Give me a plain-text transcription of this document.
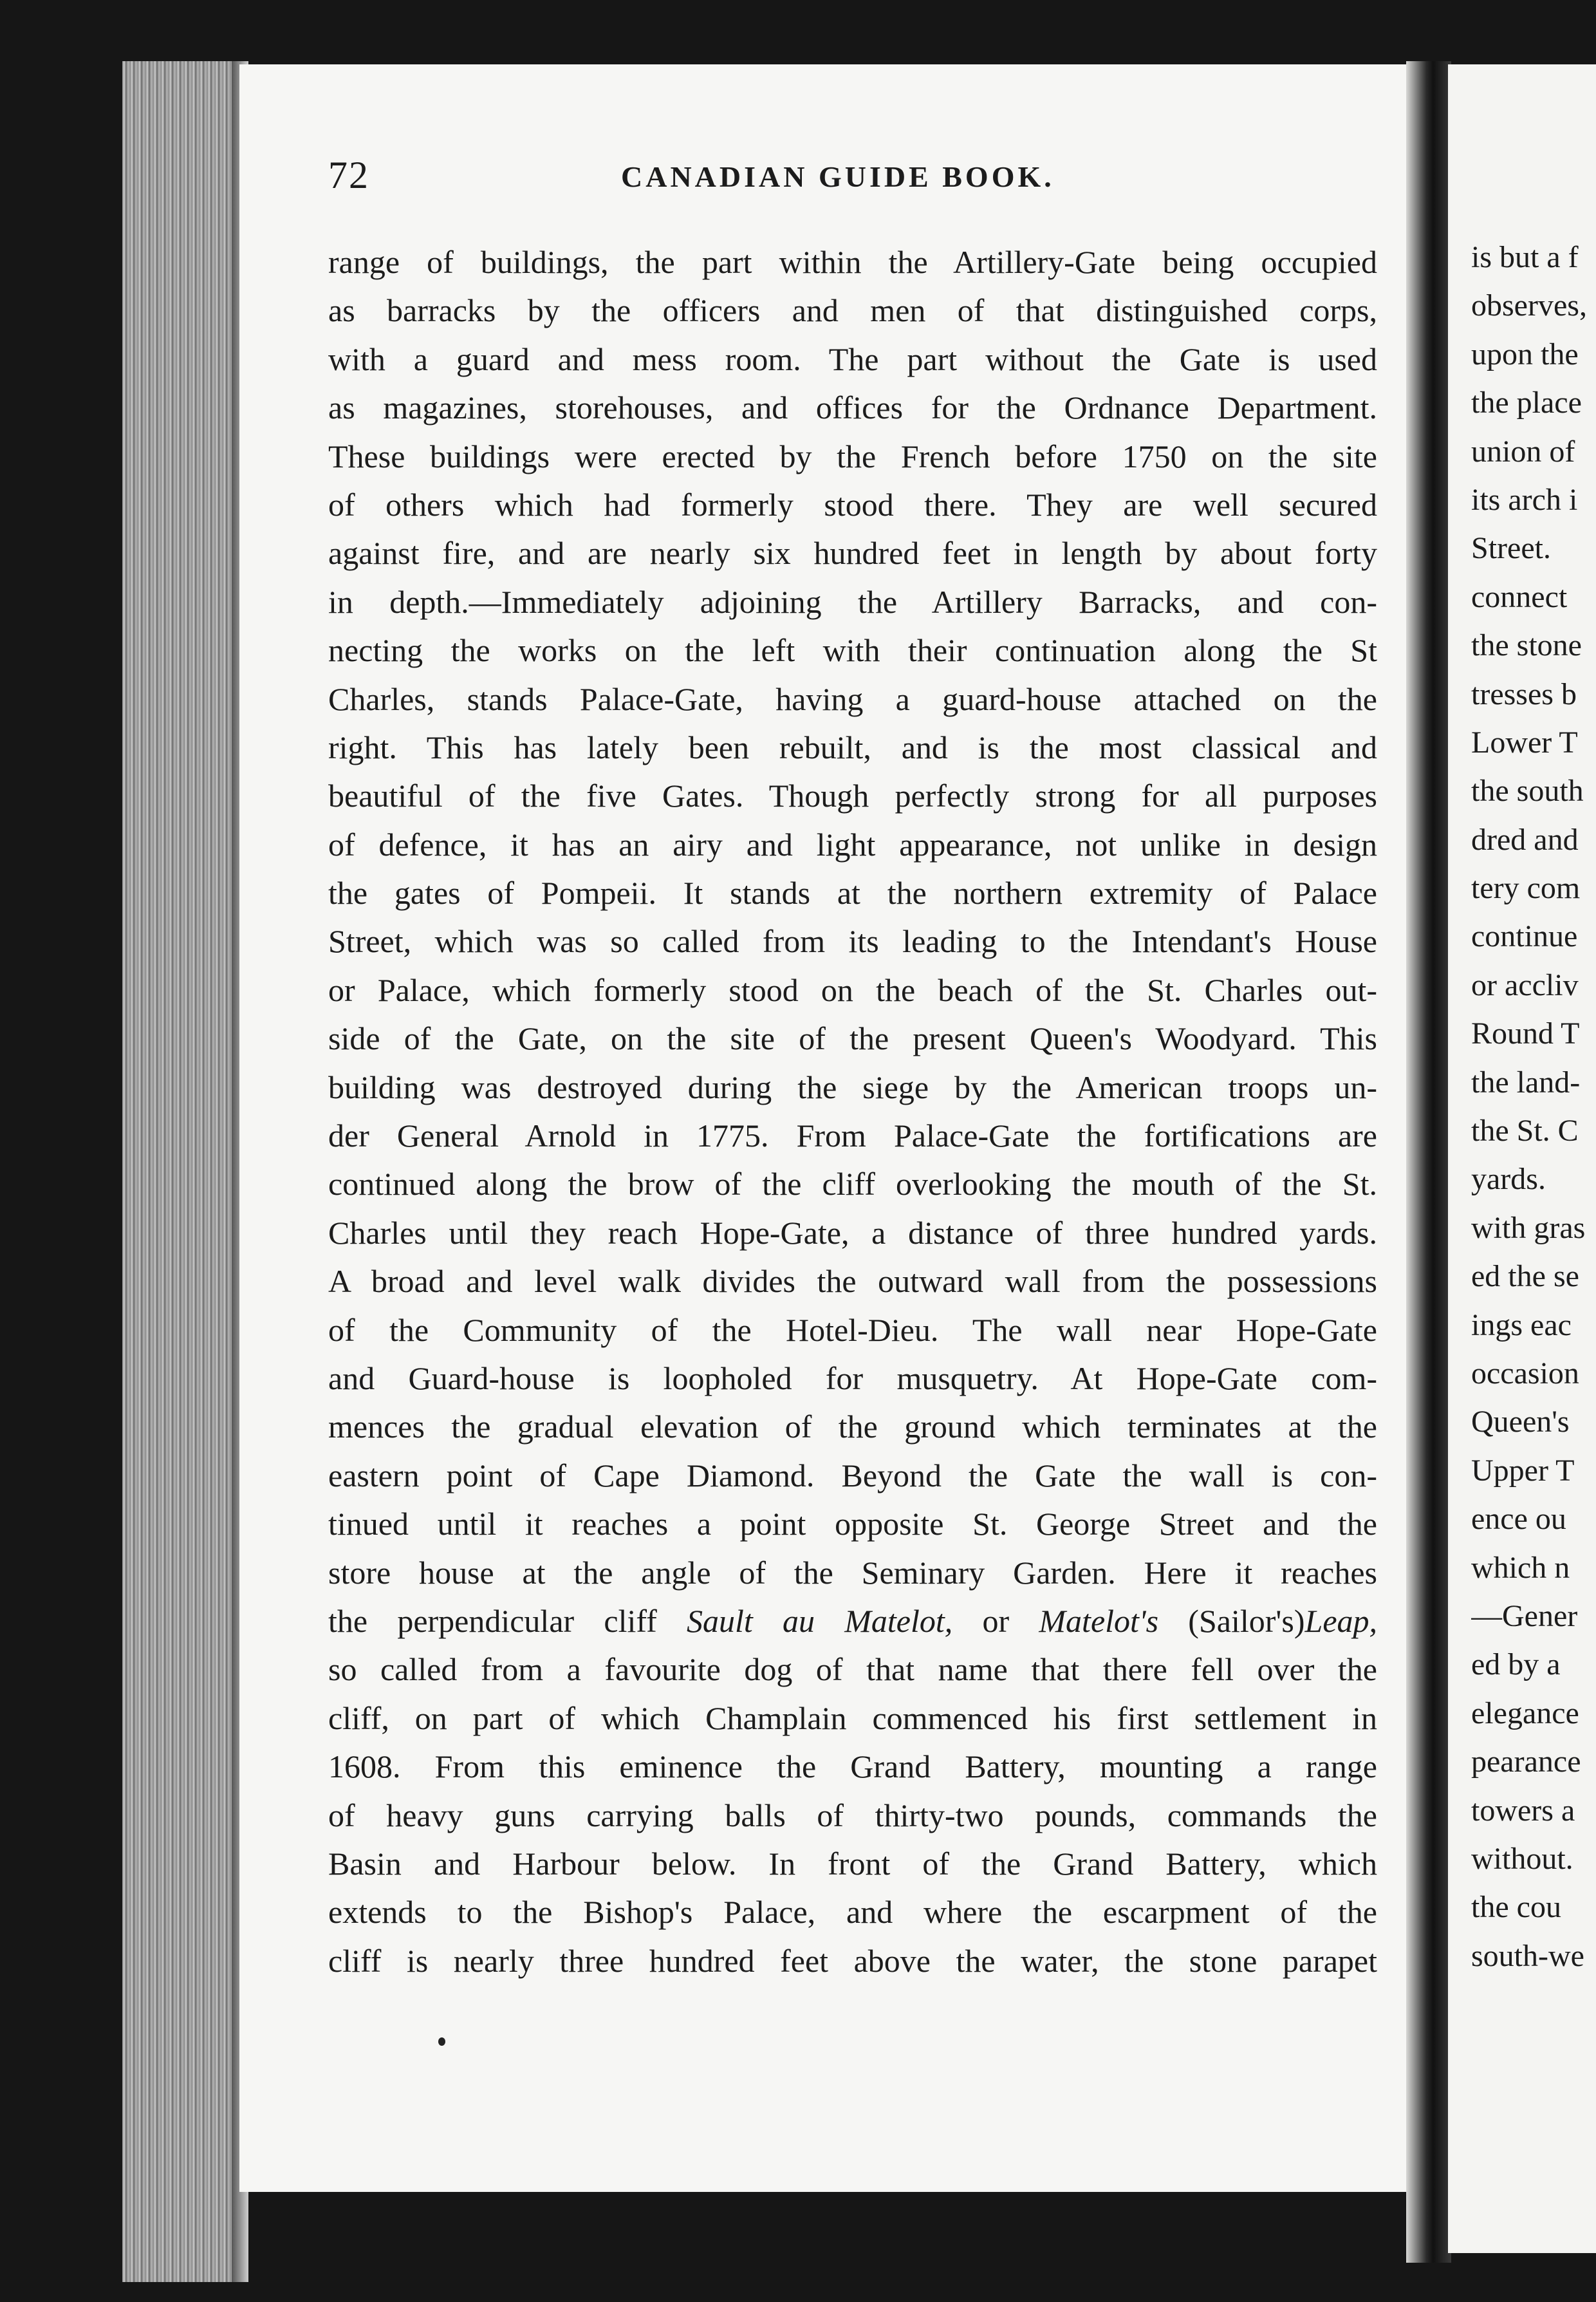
is but a f
observes,
upon the
the place
union of
its arch i
Street.
connect
the stone
tresses b
Lower T
the south
dred and
tery com
continue
or accliv
Round T
the land-
the St. C
yards.
with gras
ed the se
ings eac
occasion
Queen's
Upper T
ence ou
which n
—Gener
ed by a
elegance
pearance
towers a
without.
the cou
south-we
72	CANADIAN GUIDE BOOK.
range of buildings, the part within the Artillery-Gate being occupied
as barracks by the officers and men of that distinguished corps,
with a guard and mess room. The part without the Gate is used
as magazines, storehouses, and offices for the Ordnance Department.
These buildings were erected by the French before 1750 on the site
of others which had formerly stood there. They are well secured
against fire, and are nearly six hundred feet in length by about forty
in depth.—Immediately adjoining the Artillery Barracks, and con-
necting the works on the left with their continuation along the St
Charles, stands Palace-Gate, having a guard-house attached on the
right. This has lately been rebuilt, and is the most classical and
beautiful of the five Gates. Though perfectly strong for all purposes
of defence, it has an airy and light appearance, not unlike in design
the gates of Pompeii. It stands at the northern extremity of Palace
Street, which was so called from its leading to the Intendant's House
or Palace, which formerly stood on the beach of the St. Charles out-
side of the Gate, on the site of the present Queen's Woodyard. This
building was destroyed during the siege by the American troops un-
der General Arnold in 1775. From Palace-Gate the fortifications are
continued along the brow of the cliff overlooking the mouth of the St.
Charles until they reach Hope-Gate, a distance of three hundred yards.
A broad and level walk divides the outward wall from the possessions
of the Community of the Hotel-Dieu. The wall near Hope-Gate
and Guard-house is loopholed for musquetry. At Hope-Gate com-
mences the gradual elevation of the ground which terminates at the
eastern point of Cape Diamond. Beyond the Gate the wall is con-
tinued until it reaches a point opposite St. George Street and the
store house at the angle of the Seminary Garden. Here it reaches
the perpendicular cliff Sault au Matelot, or Matelot's (Sailor's)Leap,
so called from a favourite dog of that name that there fell over the
cliff, on part of which Champlain commenced his first settlement in
1608. From this eminence the Grand Battery, mounting a range
of heavy guns carrying balls of thirty-two pounds, commands the
Basin and Harbour below. In front of the Grand Battery, which
extends to the Bishop's Palace, and where the escarpment of the
cliff is nearly three hundred feet above the water, the stone parapet
